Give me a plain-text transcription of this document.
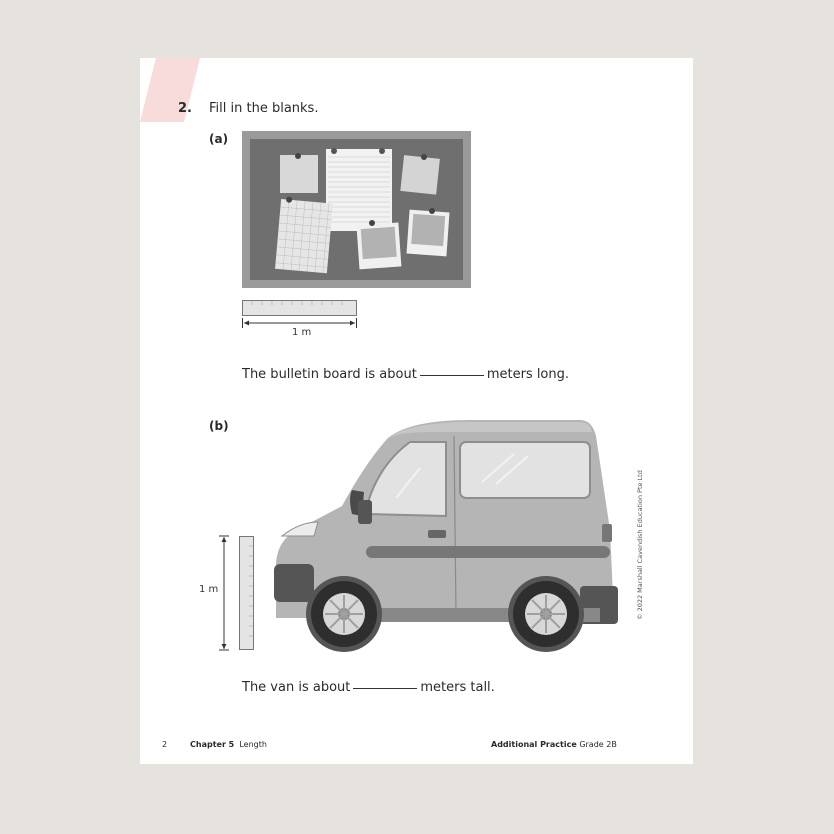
2. Fill in the blanks.
(a)
1 m
The bulletin board is about	meters long.
(b)
1 m
The van is about	meters tall.
© 2022 Marshall Cavendish Education Pte Ltd
2	Chapter 5 Length	Additional Practice Grade 2B
